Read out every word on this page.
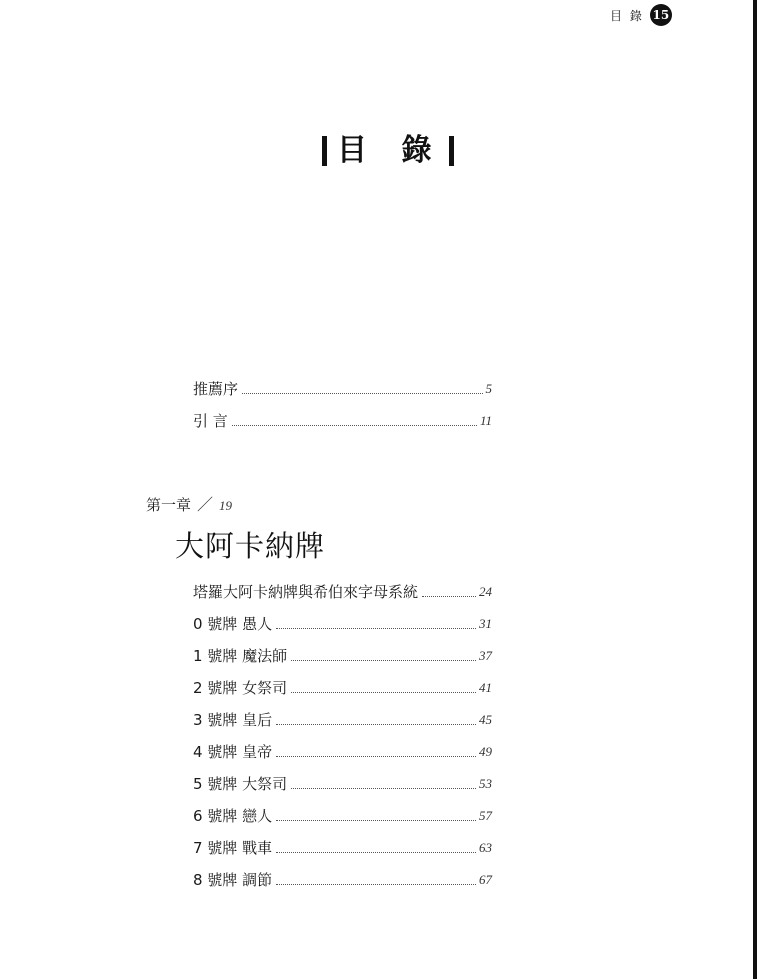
目 錄 15
目 錄
推薦序	5
引 言	11
第一章 ／ 19
大阿卡納牌
塔羅大阿卡納牌與希伯來字母系統	24
0 號牌 愚人	31
1 號牌 魔法師	37
2 號牌 女祭司	41
3 號牌 皇后	45
4 號牌 皇帝	49
5 號牌 大祭司	53
6 號牌 戀人	57
7 號牌 戰車	63
8 號牌 調節	67
